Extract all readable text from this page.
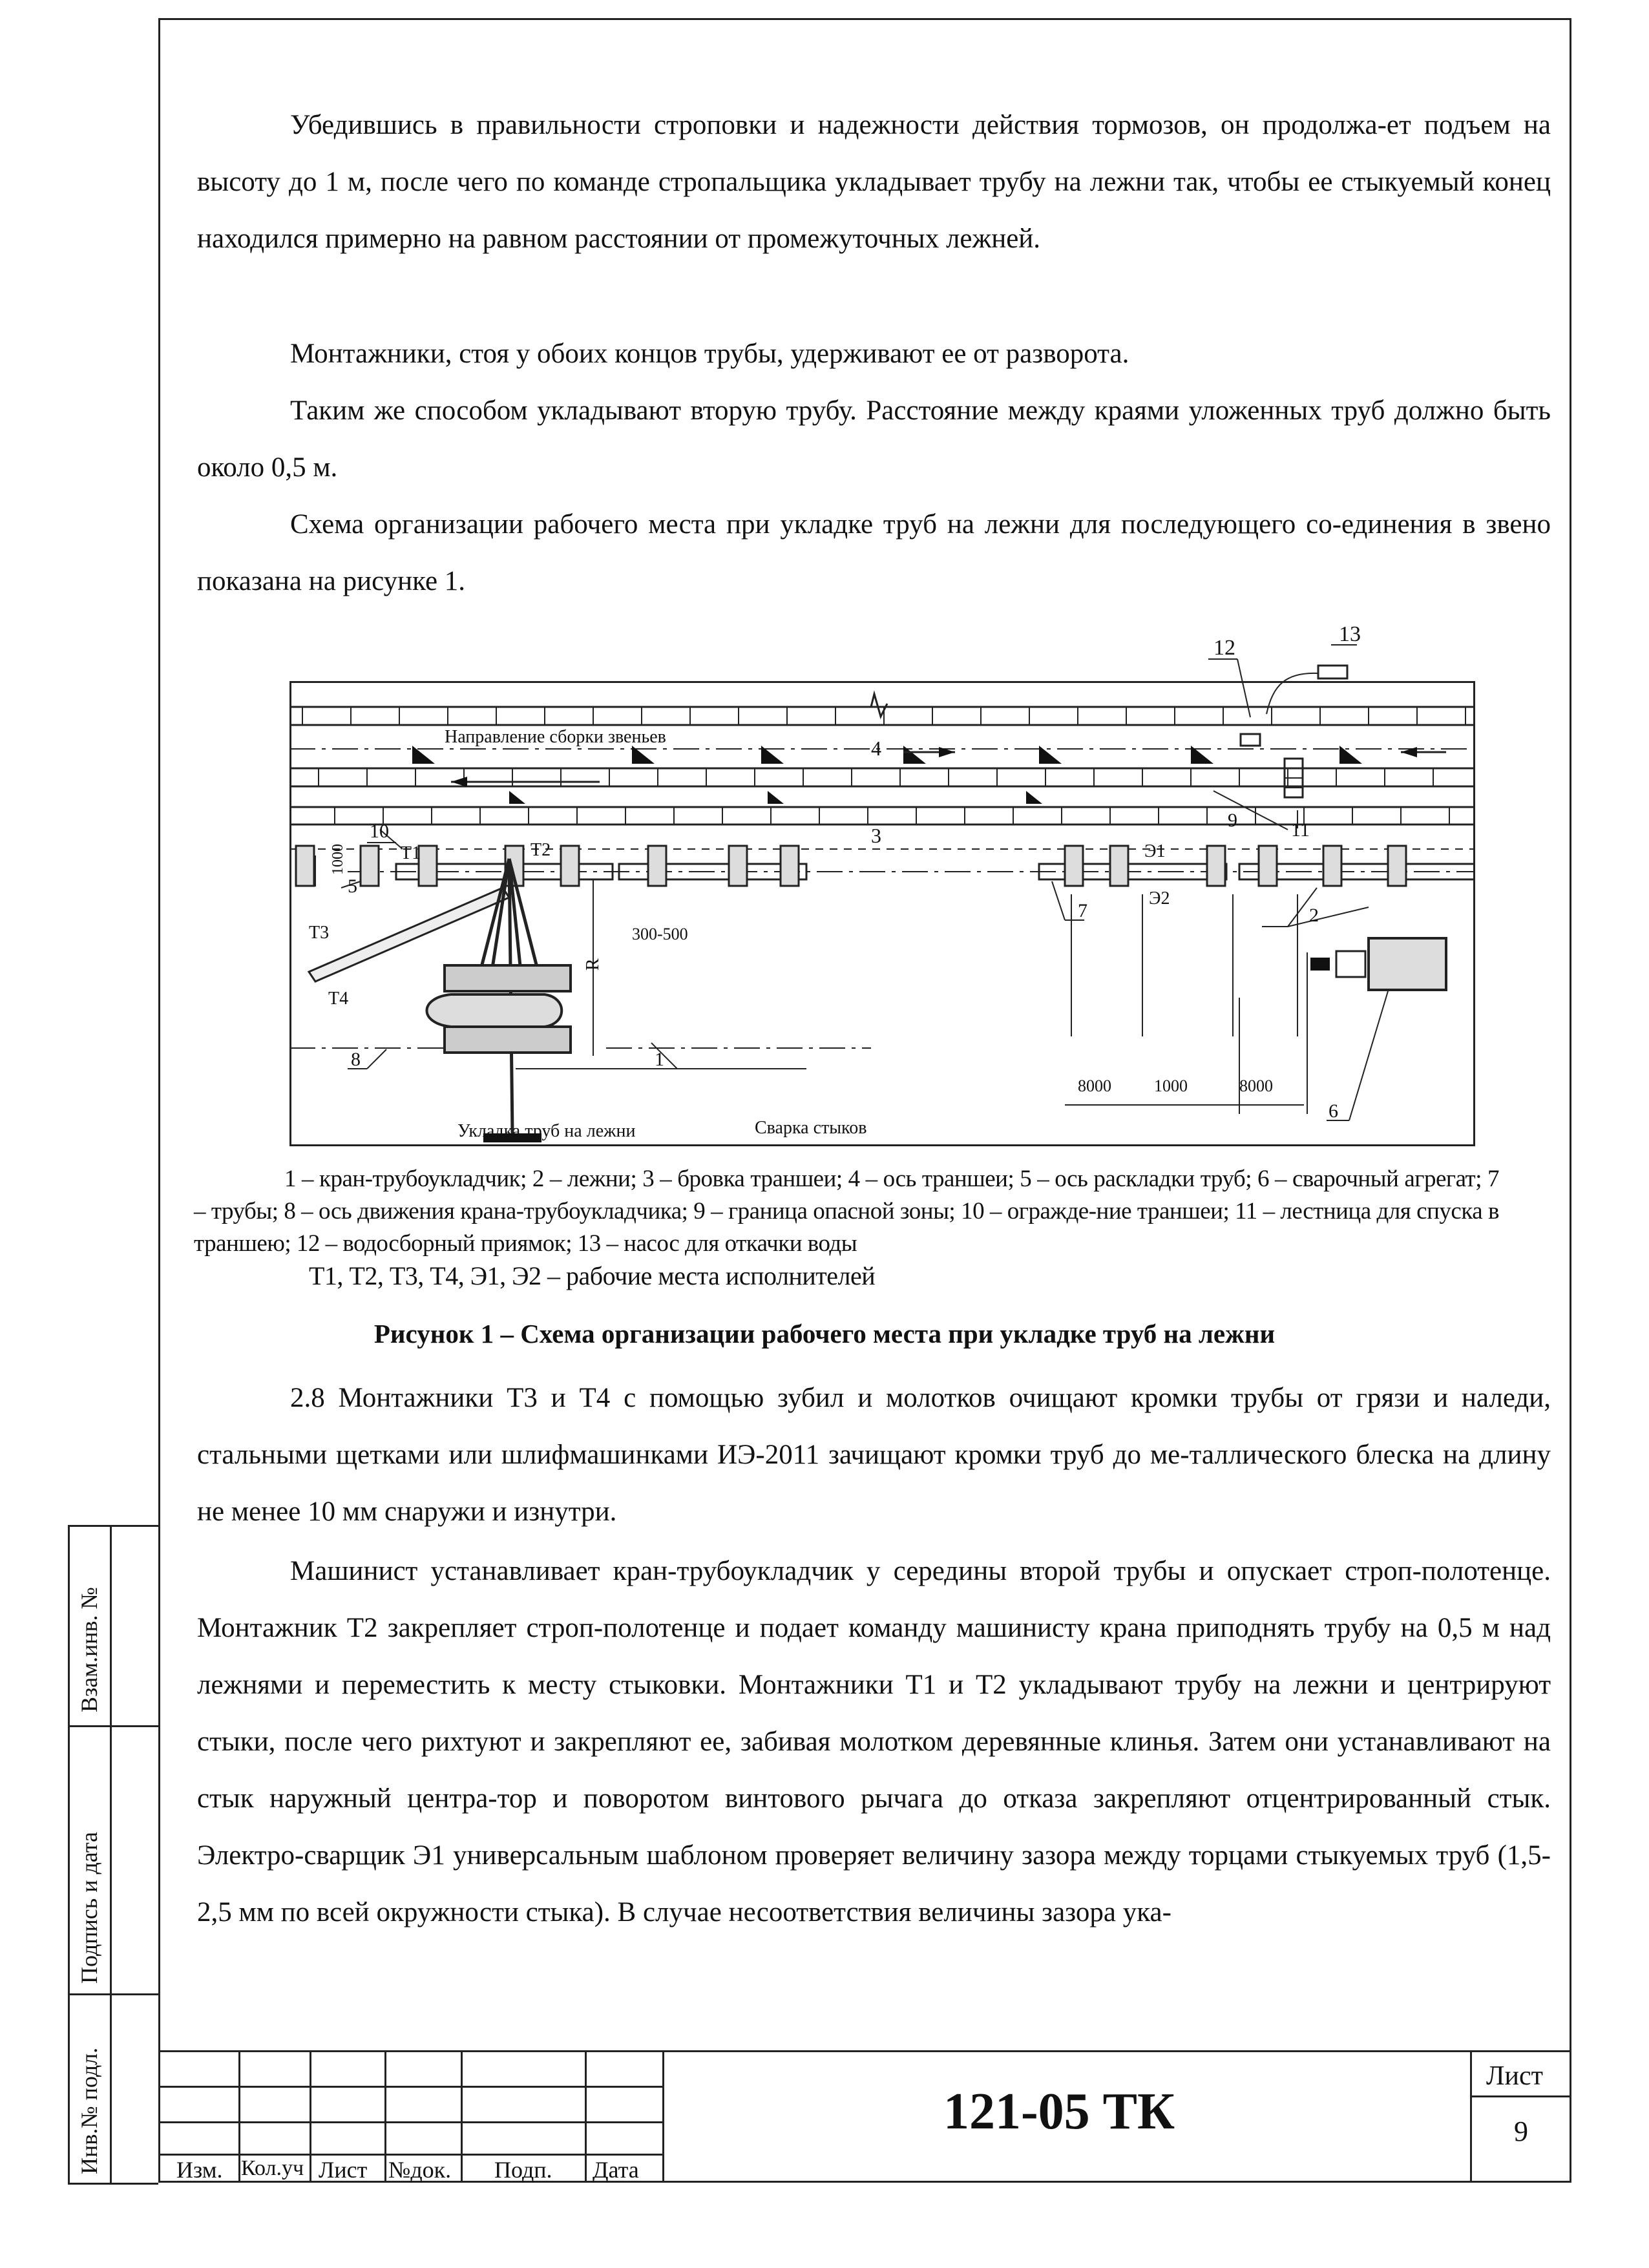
Убедившись в правильности строповки и надежности действия тормозов, он продолжа-ет подъем на высоту до 1 м, после чего по команде стропальщика укладывает трубу на лежни так, чтобы ее стыкуемый конец находился примерно на равном расстоянии от промежуточных лежней.
Монтажники, стоя у обоих концов трубы, удерживают ее от разворота.
Таким же способом укладывают вторую трубу. Расстояние между краями уложенных труб должно быть около 0,5 м.
Схема организации рабочего места при укладке труб на лежни для последующего со-единения в звено показана на рисунке 1.
12
13
Направление сборки звеньев	4
3
9	11
10
5
Т1	Т2
Т3
Т4
Э1
Э2
2
7
1
6
8
1000
R
300-500
8000	1000	8000
Укладка труб на лежни	Сварка стыков
1 – кран-трубоукладчик; 2 – лежни; 3 – бровка траншеи; 4 – ось траншеи; 5 – ось раскладки труб; 6 – сварочный агрегат; 7 – трубы; 8 – ось движения крана-трубоукладчика; 9 – граница опасной зоны; 10 – огражде-ние траншеи; 11 – лестница для спуска в траншею; 12 – водосборный приямок; 13 – насос для откачки воды
Т1, Т2, Т3, Т4, Э1, Э2 – рабочие места исполнителей
Рисунок 1 – Схема организации рабочего места при укладке труб на лежни
2.8 Монтажники Т3 и Т4 с помощью зубил и молотков очищают кромки трубы от грязи и наледи, стальными щетками или шлифмашинками ИЭ-2011 зачищают кромки труб до ме-таллического блеска на длину не менее 10 мм снаружи и изнутри.
Машинист устанавливает кран-трубоукладчик у середины второй трубы и опускает строп-полотенце. Монтажник Т2 закрепляет строп-полотенце и подает команду машинисту крана приподнять трубу на 0,5 м над лежнями и переместить к месту стыковки. Монтажники Т1 и Т2 укладывают трубу на лежни и центрируют стыки, после чего рихтуют и закрепляют ее, забивая молотком деревянные клинья. Затем они устанавливают на стык наружный центра-тор и поворотом винтового рычага до отказа закрепляют отцентрированный стык. Электро-сварщик Э1 универсальным шаблоном проверяет величину зазора между торцами стыкуемых труб (1,5-2,5 мм по всей окружности стыка). В случае несоответствия величины зазора ука-
Взам.инв. №
Подпись и дата
Инв.№ подл.	Изм. Кол.уч Лист №док. Подп. Дата
121-05 ТК
Лист
9
